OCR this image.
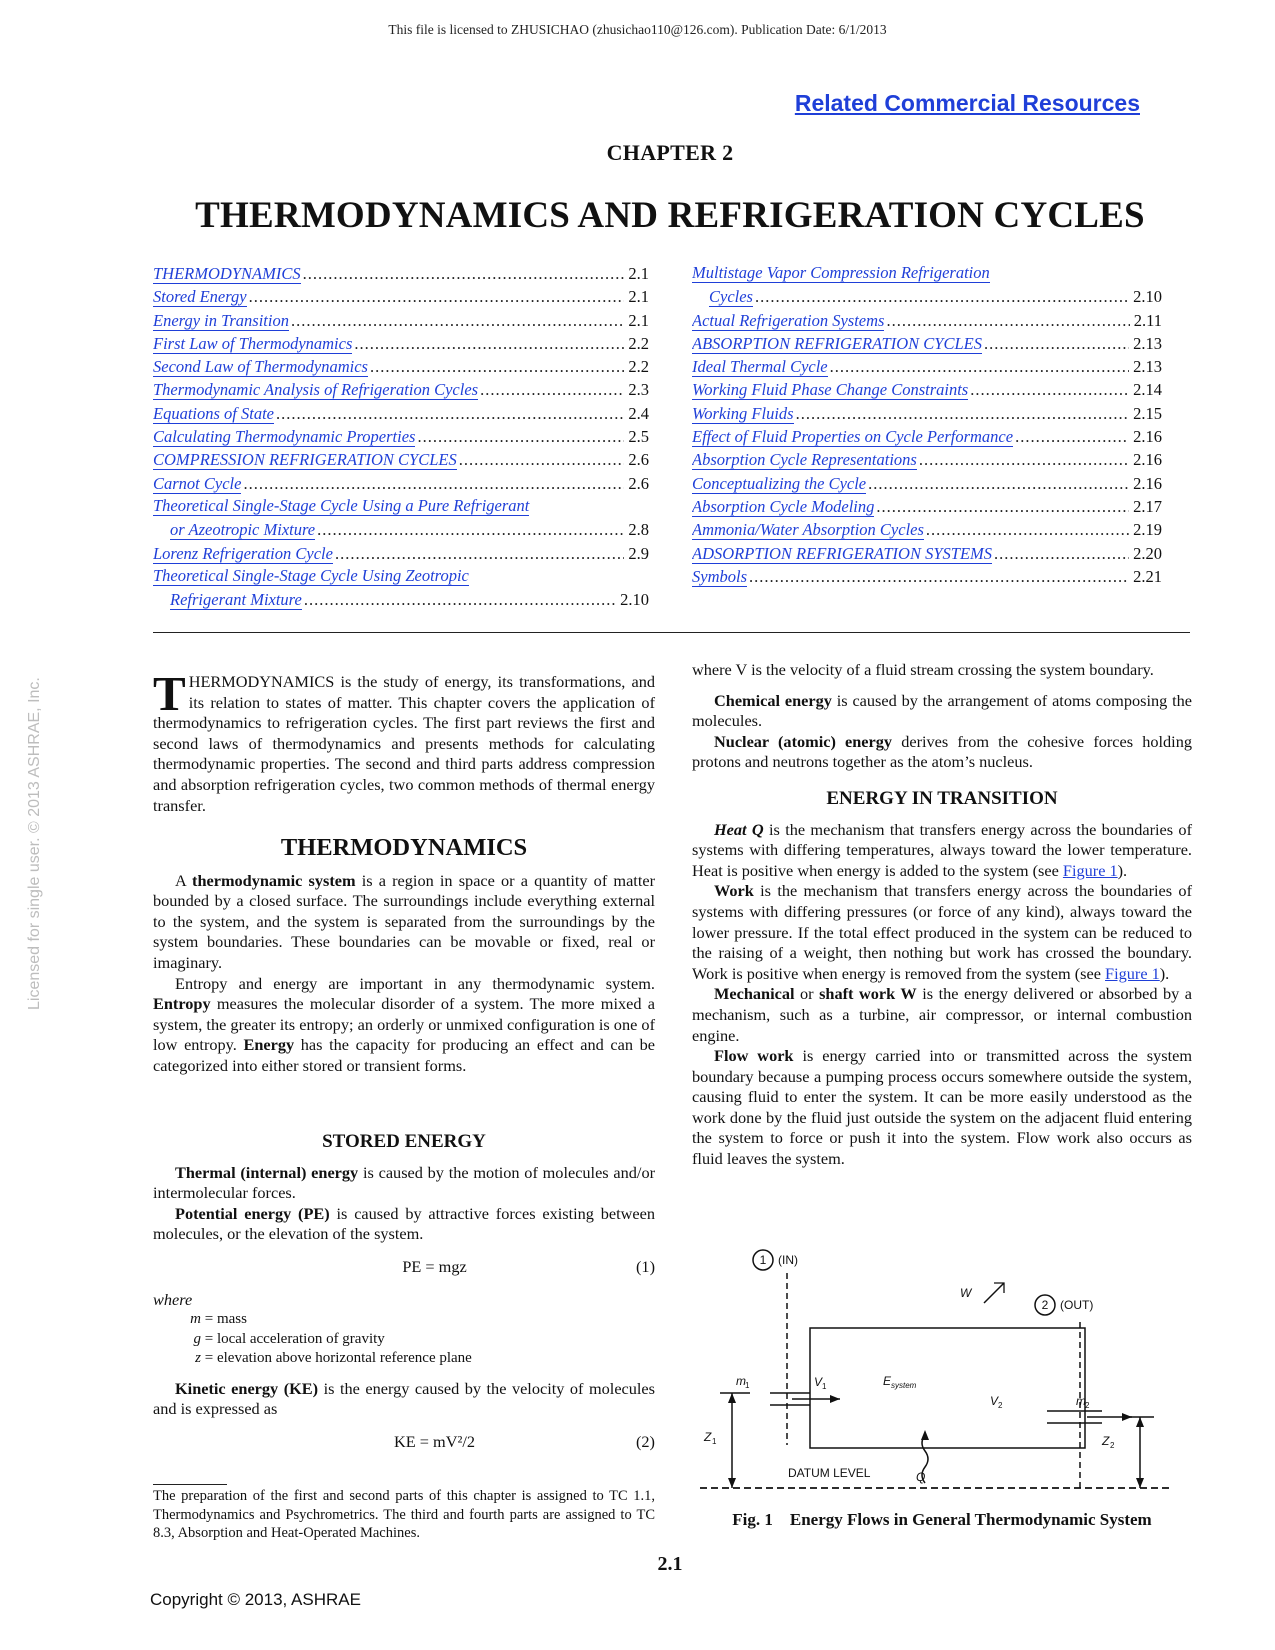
This file is licensed to ZHUSICHAO (zhusichao110@126.com). Publication Date: 6/1/2013
Related Commercial Resources
CHAPTER 2
THERMODYNAMICS AND REFRIGERATION CYCLES
THERMODYNAMICS .....	2.1
Stored Energy .....	2.1
Energy in Transition .....	2.1
First Law of Thermodynamics .....	2.2
Second Law of Thermodynamics .....	2.2
Thermodynamic Analysis of Refrigeration Cycles .....	2.3
Equations of State .....	2.4
Calculating Thermodynamic Properties .....	2.5
COMPRESSION REFRIGERATION CYCLES .....	2.6
Carnot Cycle .....	2.6
Theoretical Single-Stage Cycle Using a Pure Refrigerant
or Azeotropic Mixture .....	2.8
Lorenz Refrigeration Cycle .....	2.9
Theoretical Single-Stage Cycle Using Zeotropic
Refrigerant Mixture .....	2.10
Multistage Vapor Compression Refrigeration
Cycles .....	2.10
Actual Refrigeration Systems .....	2.11
ABSORPTION REFRIGERATION CYCLES .....	2.13
Ideal Thermal Cycle .....	2.13
Working Fluid Phase Change Constraints .....	2.14
Working Fluids .....	2.15
Effect of Fluid Properties on Cycle Performance .....	2.16
Absorption Cycle Representations .....	2.16
Conceptualizing the Cycle .....	2.16
Absorption Cycle Modeling .....	2.17
Ammonia/Water Absorption Cycles .....	2.19
ADSORPTION REFRIGERATION SYSTEMS .....	2.20
Symbols .....	2.21
Licensed for single user. © 2013 ASHRAE, Inc. THERMODYNAMICS is the study of energy, its transformations, and its relation to states of matter. This chapter covers the application of thermodynamics to refrigeration cycles. The first part reviews the first and second laws of thermodynamics and presents methods for calculating thermodynamic properties. The second and third parts address compression and absorption refrigeration cycles, two common methods of thermal energy transfer.

THERMODYNAMICS

A thermodynamic system is a region in space or a quantity of matter bounded by a closed surface. The surroundings include everything external to the system, and the system is separated from the surroundings by the system boundaries. These boundaries can be movable or fixed, real or imaginary.

Entropy and energy are important in any thermodynamic system. Entropy measures the molecular disorder of a system. The more mixed a system, the greater its entropy; an orderly or unmixed configuration is one of low entropy. Energy has the capacity for producing an effect and can be categorized into either stored or transient forms.

STORED ENERGY

Thermal (internal) energy is caused by the motion of molecules and/or intermolecular forces.

Potential energy (PE) is caused by attractive forces existing between molecules, or the elevation of the system.

PE = mgz	(1)

where

m = mass
g = local acceleration of gravity
z = elevation above horizontal reference plane

Kinetic energy (KE) is the energy caused by the velocity of molecules and is expressed as

KE = mV²/2	(2)
The preparation of the first and second parts of this chapter is assigned to TC 1.1, Thermodynamics and Psychrometrics. The third and fourth parts are assigned to TC 8.3, Absorption and Heat-Operated Machines.

where V is the velocity of a fluid stream crossing the system boundary.

Chemical energy is caused by the arrangement of atoms composing the molecules.

Nuclear (atomic) energy derives from the cohesive forces holding protons and neutrons together as the atom’s nucleus.

ENERGY IN TRANSITION

Heat Q is the mechanism that transfers energy across the boundaries of systems with differing temperatures, always toward the lower temperature. Heat is positive when energy is added to the system (see Figure 1).

Work is the mechanism that transfers energy across the boundaries of systems with differing pressures (or force of any kind), always toward the lower pressure. If the total effect produced in the system can be reduced to the raising of a weight, then nothing but work has crossed the boundary. Work is positive when energy is removed from the system (see Figure 1).

Mechanical or shaft work W is the energy delivered or absorbed by a mechanism, such as a turbine, air compressor, or internal combustion engine.

Flow work is energy carried into or transmitted across the system boundary because a pumping process occurs somewhere outside the system, causing fluid to enter the system. It can be more easily understood as the work done by the fluid just outside the system on the adjacent fluid entering the system to force or push it into the system. Flow work also occurs as fluid leaves the system.

1 (IN)
2 (OUT)
W
m 1	V 1	E system
V 2	m 2
Z 1	Z 2
Q
DATUM LEVEL
Fig. 1    Energy Flows in General Thermodynamic System
2.1
Copyright © 2013, ASHRAE
